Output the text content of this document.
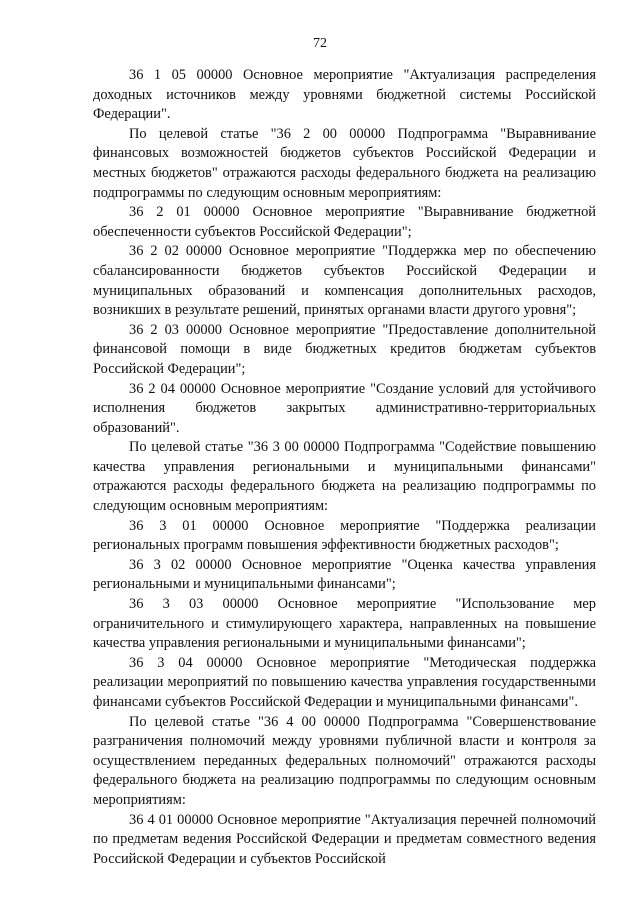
72

36 1 05 00000 Основное мероприятие "Актуализация распределения доходных источников между уровнями бюджетной системы Российской Федерации".

По целевой статье "36 2 00 00000 Подпрограмма "Выравнивание финансовых возможностей бюджетов субъектов Российской Федерации и местных бюджетов" отражаются расходы федерального бюджета на реализацию подпрограммы по следующим основным мероприятиям:

36 2 01 00000 Основное мероприятие "Выравнивание бюджетной обеспеченности субъектов Российской Федерации";

36 2 02 00000 Основное мероприятие "Поддержка мер по обеспечению сбалансированности бюджетов субъектов Российской Федерации и муниципальных образований и компенсация дополнительных расходов, возникших в результате решений, принятых органами власти другого уровня";

36 2 03 00000 Основное мероприятие "Предоставление дополнительной финансовой помощи в виде бюджетных кредитов бюджетам субъектов Российской Федерации";

36 2 04 00000 Основное мероприятие "Создание условий для устойчивого исполнения бюджетов закрытых административно-территориальных образований".

По целевой статье "36 3 00 00000 Подпрограмма "Содействие повышению качества управления региональными и муниципальными финансами" отражаются расходы федерального бюджета на реализацию подпрограммы по следующим основным мероприятиям:

36 3 01 00000 Основное мероприятие "Поддержка реализации региональных программ повышения эффективности бюджетных расходов";

36 3 02 00000 Основное мероприятие "Оценка качества управления региональными и муниципальными финансами";

36 3 03 00000 Основное мероприятие "Использование мер ограничительного и стимулирующего характера, направленных на повышение качества управления региональными и муниципальными финансами";

36 3 04 00000 Основное мероприятие "Методическая поддержка реализации мероприятий по повышению качества управления государственными финансами субъектов Российской Федерации и муниципальными финансами".

По целевой статье "36 4 00 00000 Подпрограмма "Совершенствование разграничения полномочий между уровнями публичной власти и контроля за осуществлением переданных федеральных полномочий" отражаются расходы федерального бюджета на реализацию подпрограммы по следующим основным мероприятиям:

36 4 01 00000 Основное мероприятие "Актуализация перечней полномочий по предметам ведения Российской Федерации и предметам совместного ведения Российской Федерации и субъектов Российской
